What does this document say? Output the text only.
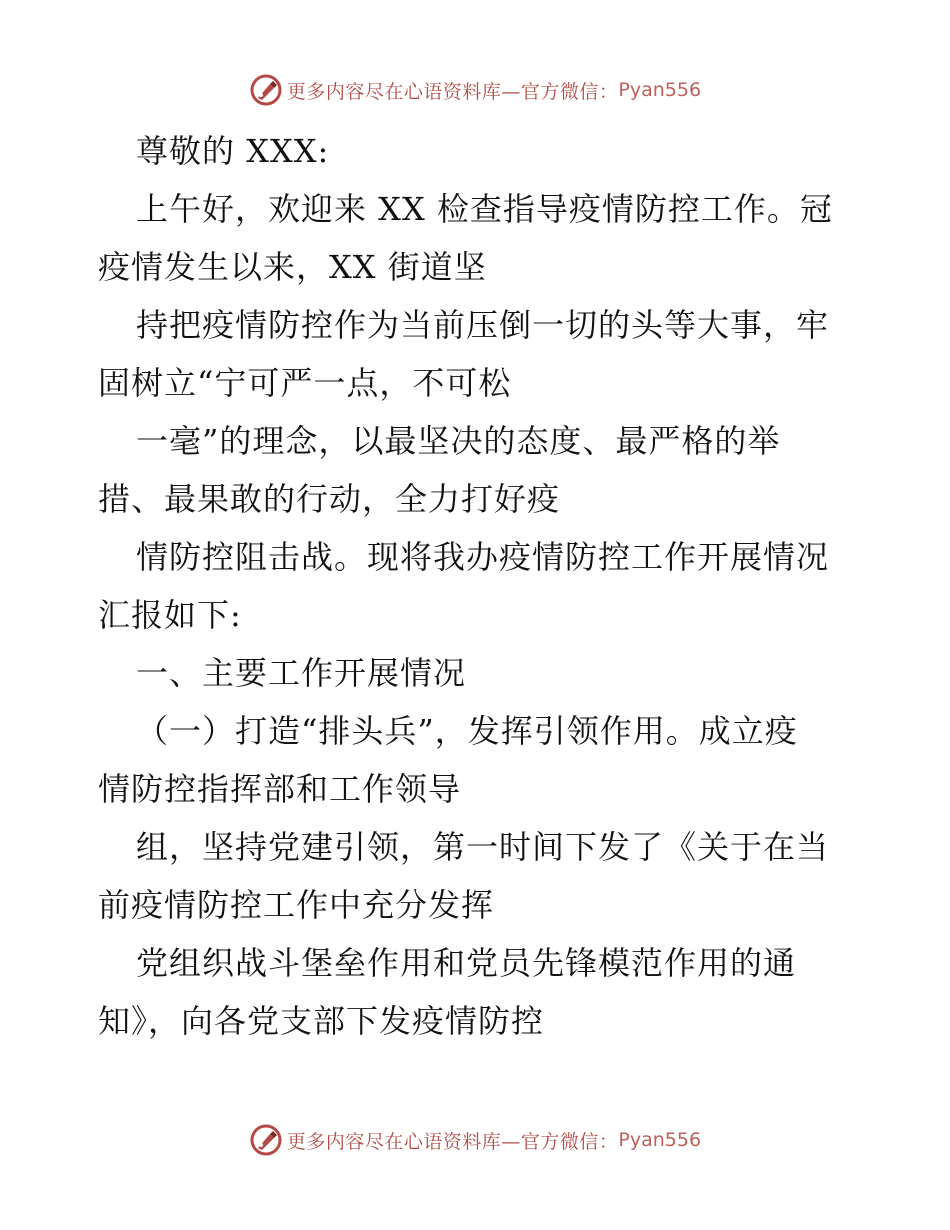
更多内容尽在心语资料库—官方微信： Pyan556
尊敬的 XXX:
上午好，欢迎来 XX 检查指导疫情防控工作。冠
疫情发生以来，XX 街道坚
持把疫情防控作为当前压倒一切的头等大事，牢
固树立“宁可严一点，不可松
一毫”的理念，以最坚决的态度、最严格的举
措、最果敢的行动，全力打好疫
情防控阻击战。现将我办疫情防控工作开展情况
汇报如下:
一、主要工作开展情况
（一）打造“排头兵”，发挥引领作用。成立疫
情防控指挥部和工作领导
组，坚持党建引领，第一时间下发了《关于在当
前疫情防控工作中充分发挥
党组织战斗堡垒作用和党员先锋模范作用的通
知》，向各党支部下发疫情防控
更多内容尽在心语资料库—官方微信： Pyan556
